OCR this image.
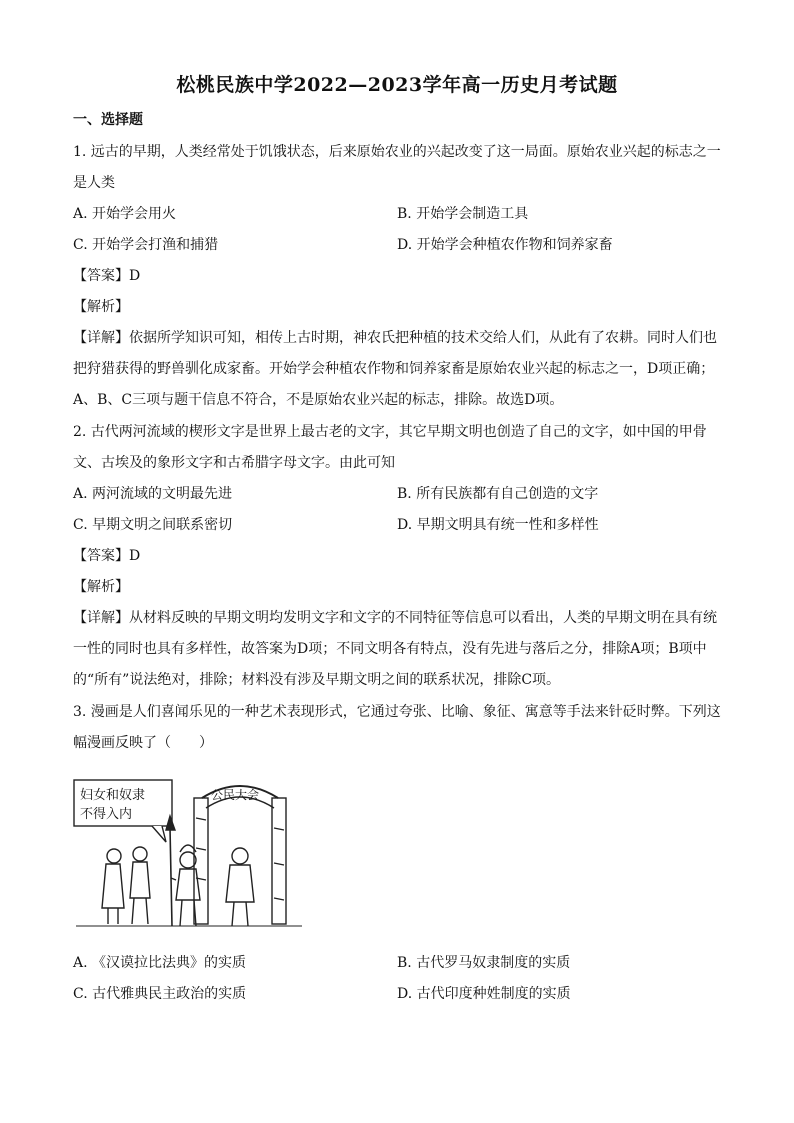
松桃民族中学2022—2023学年高一历史月考试题
一、选择题
1. 远古的早期，人类经常处于饥饿状态，后来原始农业的兴起改变了这一局面。原始农业兴起的标志之一
是人类
A. 开始学会用火	B. 开始学会制造工具
C. 开始学会打渔和捕猎	D. 开始学会种植农作物和饲养家畜
【答案】D
【解析】
【详解】依据所学知识可知，相传上古时期，神农氏把种植的技术交给人们，从此有了农耕。同时人们也
把狩猎获得的野兽驯化成家畜。开始学会种植农作物和饲养家畜是原始农业兴起的标志之一，D项正确；
A、B、C三项与题干信息不符合，不是原始农业兴起的标志，排除。故选D项。
2. 古代两河流域的楔形文字是世界上最古老的文字，其它早期文明也创造了自己的文字，如中国的甲骨
文、古埃及的象形文字和古希腊字母文字。由此可知
A. 两河流域的文明最先进	B. 所有民族都有自己创造的文字
C. 早期文明之间联系密切	D. 早期文明具有统一性和多样性
【答案】D
【解析】
【详解】从材料反映的早期文明均发明文字和文字的不同特征等信息可以看出，人类的早期文明在具有统
一性的同时也具有多样性，故答案为D项；不同文明各有特点，没有先进与落后之分，排除A项；B项中
的“所有”说法绝对，排除；材料没有涉及早期文明之间的联系状况，排除C项。
3. 漫画是人们喜闻乐见的一种艺术表现形式，它通过夸张、比喻、象征、寓意等手法来针砭时弊。下列这
幅漫画反映了（　　）
妇女和奴隶
不得入内
公民大会
A. 《汉谟拉比法典》的实质	B. 古代罗马奴隶制度的实质
C. 古代雅典民主政治的实质	D. 古代印度种姓制度的实质
